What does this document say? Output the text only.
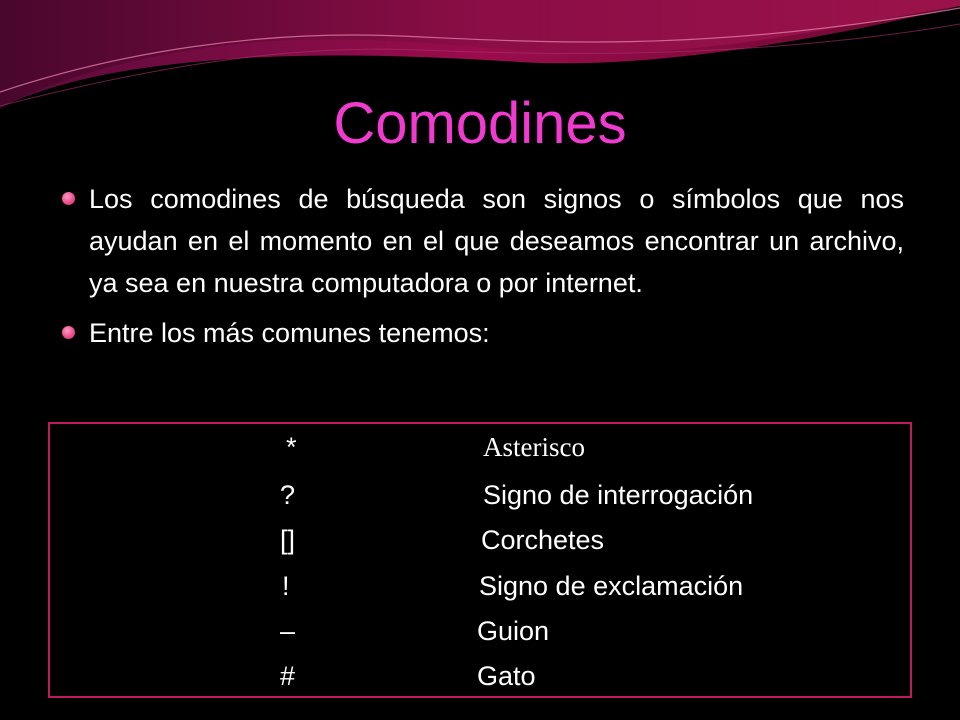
Comodines
Los comodines de búsqueda son signos o símbolos que nos ayudan en el momento en el que deseamos encontrar un archivo, ya sea en nuestra computadora o por internet.
Entre los más comunes tenemos:
*	Asterisco
?	Signo de interrogación
[]	Corchetes
!	Signo de exclamación
–	Guion
#	Gato
